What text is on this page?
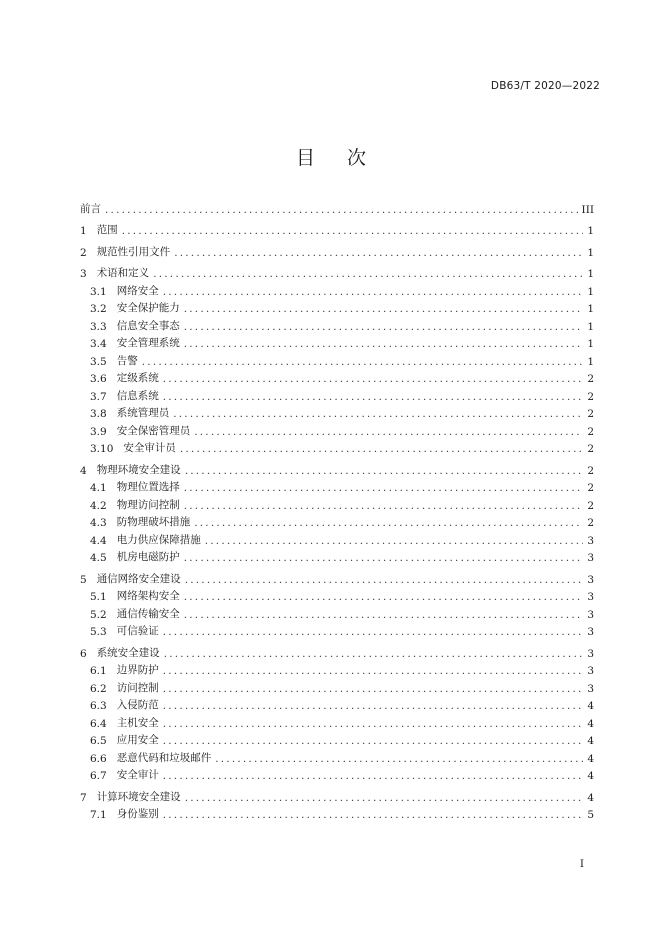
DB63/T 2020—2022
目次
前言 .....	III
1 范围 .....	1
2 规范性引用文件 .....	1
3 术语和定义 .....	1
3.1 网络安全 .....	1
3.2 安全保护能力 .....	1
3.3 信息安全事态 .....	1
3.4 安全管理系统 .....	1
3.5 告警 .....	1
3.6 定级系统 .....	2
3.7 信息系统 .....	2
3.8 系统管理员 .....	2
3.9 安全保密管理员 .....	2
3.10 安全审计员 .....	2
4 物理环境安全建设 .....	2
4.1 物理位置选择 .....	2
4.2 物理访问控制 .....	2
4.3 防物理破坏措施 .....	2
4.4 电力供应保障措施 .....	3
4.5 机房电磁防护 .....	3
5 通信网络安全建设 .....	3
5.1 网络架构安全 .....	3
5.2 通信传输安全 .....	3
5.3 可信验证 .....	3
6 系统安全建设 .....	3
6.1 边界防护 .....	3
6.2 访问控制 .....	3
6.3 入侵防范 .....	4
6.4 主机安全 .....	4
6.5 应用安全 .....	4
6.6 恶意代码和垃圾邮件 .....	4
6.7 安全审计 .....	4
7 计算环境安全建设 .....	4
7.1 身份鉴别 .....	5
I
